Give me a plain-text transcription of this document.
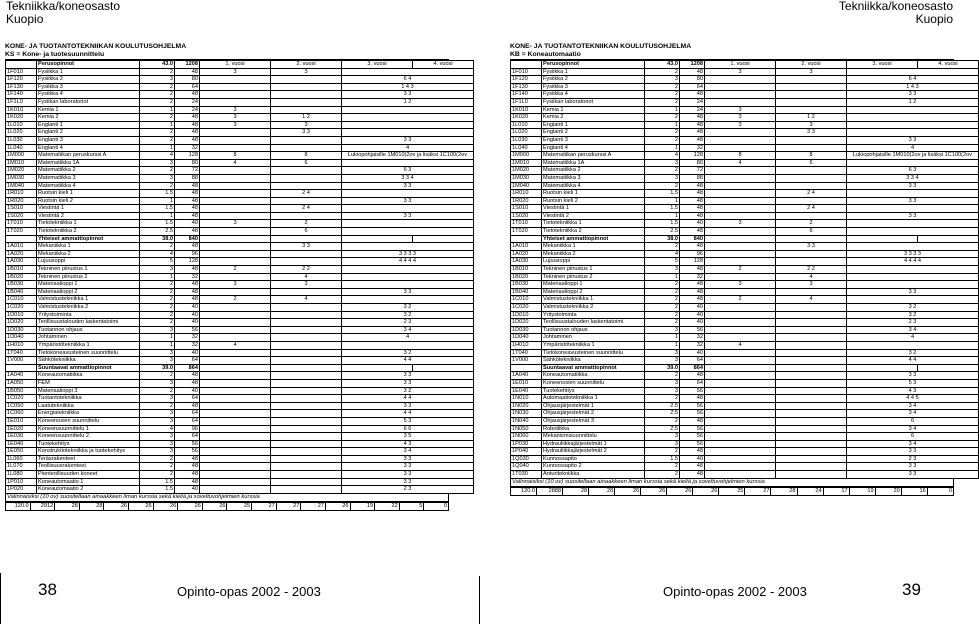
Tekniikka/koneosasto
Kuopio
Tekniikka/koneosasto
Kuopio
KONE- JA TUOTANTOTEKNIIKAN KOULUTUSOHJELMA
KS = Kone- ja tuotesuunnittelu
	Perusopinnot	43.0	1208	1. vuosi	2. vuosi	3. vuosi	4. vuosi
1F010	Fysiikka 1	2	48	3	3		
1F120	Fysiikka 2	3	80			6 4	
1F130	Fysiikka 3	2	64			1 4 3	
1F140	Fysiikka 4	2	48			3 3	
1F1L0	Fysiikan laboratoriot	2	24			1 2	
1K010	Kemia 1	1	24	3			
1K020	Kemia 2	2	48	3	1 2		
1L010	Englanti 1	1	48	3	3		
1L020	Englanti 2	2	48		3 3		
1L030	Englanti 3	2	48			3 3	
1L040	Englanti 4	1	32			4	
1M000	Matematiikan peruskurssi A	4	128	8	8	Lukiopohjaisille 1M010(2ov ja lisäksi 1C100(2ov	
1M010	Matematiikka 1A	3	80	4	6		
1M020	Matematiikka 2	2	72			6 3	
1M030	Matematiikka 3	3	88			3 3 4	
1M040	Matematiikka 4	2	48			3 3	
1R010	Ruotsin kieli 1	1.5	48		2 4		
1R020	Ruotsin kieli 2	1	48			3 3	
1S010	Viestintä 1	1.5	48		2 4		
1S020	Viestintä 2	1	48			3 3	
1T010	Tietotekniikka 1	1.5	40	3	2		
1T020	Tietotekniikka 2	2.5	48		6		
	Yhteiset ammattiopinnot	38.0	840				
1A010	Mekaniikka 1	2	48		3 3		
1A020	Mekaniikka 2	4	96			3 3 3 3	
1A030	Lujuusoppi	5	128			4 4 4 4	
1B010	Tekninen piirustus 1	3	48	2	2 2		
1B020	Tekninen piirustus 2	1	32		4		
1B030	Materiaalioppi 1	2	48	3	3		
1B040	Materiaalioppi 2	2	48			3 3	
1C010	Valmistustekniikka 1	2	48	2	4		
1C020	Valmistustekniikka 2	2	40			3 2	
1D010	Yritystoiminta	2	40			3 2	
1D020	Teollisuustalouden laskentatoimi	2	40			2 3	
1D030	Tuotannon ohjaus	3	56			3 4	
1D040	Johtaminen	1	32			4	
1H010	Ympäristötekniikka 1	1	32	4			
1T040	Tietokoneavusteinen suunnittelu	3	40			3 2	
1V000	Sähkötekniikka	3	64			4 4	
	Suuntaavat ammattiopinnot	39.0	864				
1A040	Koneautomatiikka	2	48			3 3	
1A050	FEM	3	48			3 3	
1B050	Materiaalioppi 3	2	40			3 2	
1C020	Tuotantotekniikka	3	64			4 4	
1C050	Laatutekniikka	2	48			3 3	
1C060	Energiatekniikka	3	64			4 4	
1E010	Koneenosien suunnittelu	3	64			5 3	
1E020	Koneensuunnittelu 1	4	96			6 6	
1E030	Koneensuunnittelu 2	3	64			3 5	
1E040	Tuotekehitys	3	56			4 3	
1E050	Konstruktiotekniikka ja tuotekehitys	3	56			3 4	
1L060	Teräsrakenteet	2	48			3 3	
1L070	Teollisuusrakenteet	2	48			3 3	
1L080	Pienteollisuuden koneet	2	48			3 3	
1P010	Koneautomaatio 1	1.5	48			3 3	
1P020	Koneautomaatio 2	1.5	40			2 3	
Valinnaisiksi (10 ov) suositellaan ainaakkeen liman kurssia sekä kieliä ja soveltuvohjelmien kurssia
120.0	2912	28	28	26	26	26	26	26	25	27	27	27	26	19	22	5	0
KONE- JA TUOTANTOTEKNIIKAN KOULUTUSOHJELMA
KB = Koneautomaatio
	Perusopinnot	43.0	1208	1. vuosi	2. vuosi	3. vuosi	4. vuosi
1F010	Fysiikka 1	2	48	3	3		
1F120	Fysiikka 2	3	80			6 4	
1F130	Fysiikka 3	2	64			1 4 3	
1F140	Fysiikka 4	2	48			3 3	
1F1L0	Fysiikan laboratoriot	2	24			1 2	
1K010	Kemia 1	1	24	3			
1K020	Kemia 2	2	48	3	1 2		
1L010	Englanti 1	1	48	3	3		
1L020	Englanti 2	2	48		3 3		
1L030	Englanti 3	2	48			3 3	
1L040	Englanti 4	1	32			4	
1M000	Matematiikan peruskurssi A	4	128	8	8	Lukiopohjaisille 1M010(2ov ja lisäksi 1C100(2ov	
1M010	Matematiikka 1A	3	80	4	6		
1M020	Matematiikka 2	2	72			6 3	
1M030	Matematiikka 3	3	88			3 3 4	
1M040	Matematiikka 4	2	48			3 3	
1R010	Ruotsin kieli 1	1.5	48		2 4		
1R020	Ruotsin kieli 2	1	48			3 3	
1S010	Viestintä 1	1.5	48		2 4		
1S020	Viestintä 2	1	48			3 3	
1T010	Tietotekniikka 1	1.5	40	3	2		
1T020	Tietotekniikka 2	2.5	48		6		
	Yhteiset ammattiopinnot	38.0	840				
1A010	Mekaniikka 1	2	48		3 3		
1A020	Mekaniikka 2	4	96			3 3 3 3	
1A030	Lujuusoppi	5	128			4 4 4 4	
1B010	Tekninen piirustus 1	3	48	2	2 2		
1B020	Tekninen piirustus 2	1	32		4		
1B030	Materiaalioppi 1	2	48	3	3		
1B040	Materiaalioppi 2	2	48			3 3	
1C010	Valmistustekniikka 1	2	48	2	4		
1C020	Valmistustekniikka 2	2	40			3 2	
1D010	Yritystoiminta	2	40			3 2	
1D020	Teollisuustalouden laskentatoimi	2	40			2 3	
1D030	Tuotannon ohjaus	3	56			3 4	
1D040	Johtaminen	1	32			4	
1H010	Ympäristötekniikka 1	1	32	4			
1T040	Tietokoneavusteinen suunnittelu	3	40			3 2	
1V000	Sähkötekniikka	3	64			4 4	
	Suuntaavat ammattiopinnot	39.0	864				
1A040	Koneautomatiikka	2	48			3 3	
1E010	Koneenosien suunnittelu	3	64			5 3	
1E040	Tuotekehitys	3	56			4 3	
1N010	Automaatiotekniikka 1	2	48			4 4 5	
1N020	Ohjausjärjestelmät 1	2.5	56			3 4	
1N030	Ohjausjärjestelmät 2	2.5	56			3 4	
1N040	Ohjausjärjestelmät 3	2	48			6	
1N050	Robotiikka	2.5	56			3 4	
1N060	Mekanismisuunnittelu	3	56			6	
1P030	Hydrauliikkajärjestelmät 1	3	56			3 4	
1P040	Hydrauliikkajärjestelmät 2	2	48			3 3	
1Q030	Kunnossapito	1.5	40			2 3	
1Q040	Kunnossapito 2	2	48			3 3	
1T030	Anturitekniikka	2	48			3 3	
Valinnaisiksi (10 ov) suositellaan ainaakkeen liman kurssia sekä kieliä ja soveltuvohjelmien kurssia
120.0	2888	28	28	26	26	26	26	25	27	28	24	17	19	20	16	0
38	Opinto-opas 2002 - 2003	Opinto-opas 2002 - 2003	39
